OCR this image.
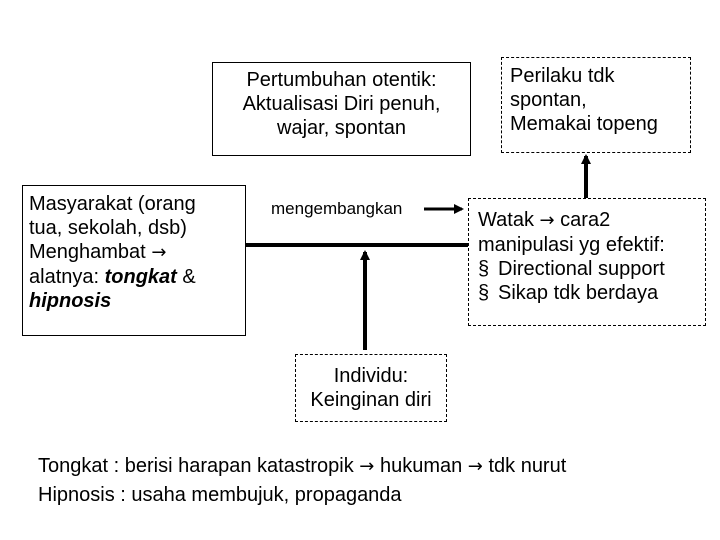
Pertumbuhan otentik:
Aktualisasi Diri penuh,
wajar, spontan
Perilaku tdk
spontan,
Memakai topeng
Masyarakat (orang
tua, sekolah, dsb)
Menghambat →
alatnya: tongkat &
hipnosis
mengembangkan
Watak → cara2
manipulasi yg efektif:
§ Directional support
§ Sikap tdk berdaya
Individu:
Keinginan diri
Tongkat : berisi harapan katastropik → hukuman → tdk nurut
Hipnosis : usaha membujuk, propaganda
